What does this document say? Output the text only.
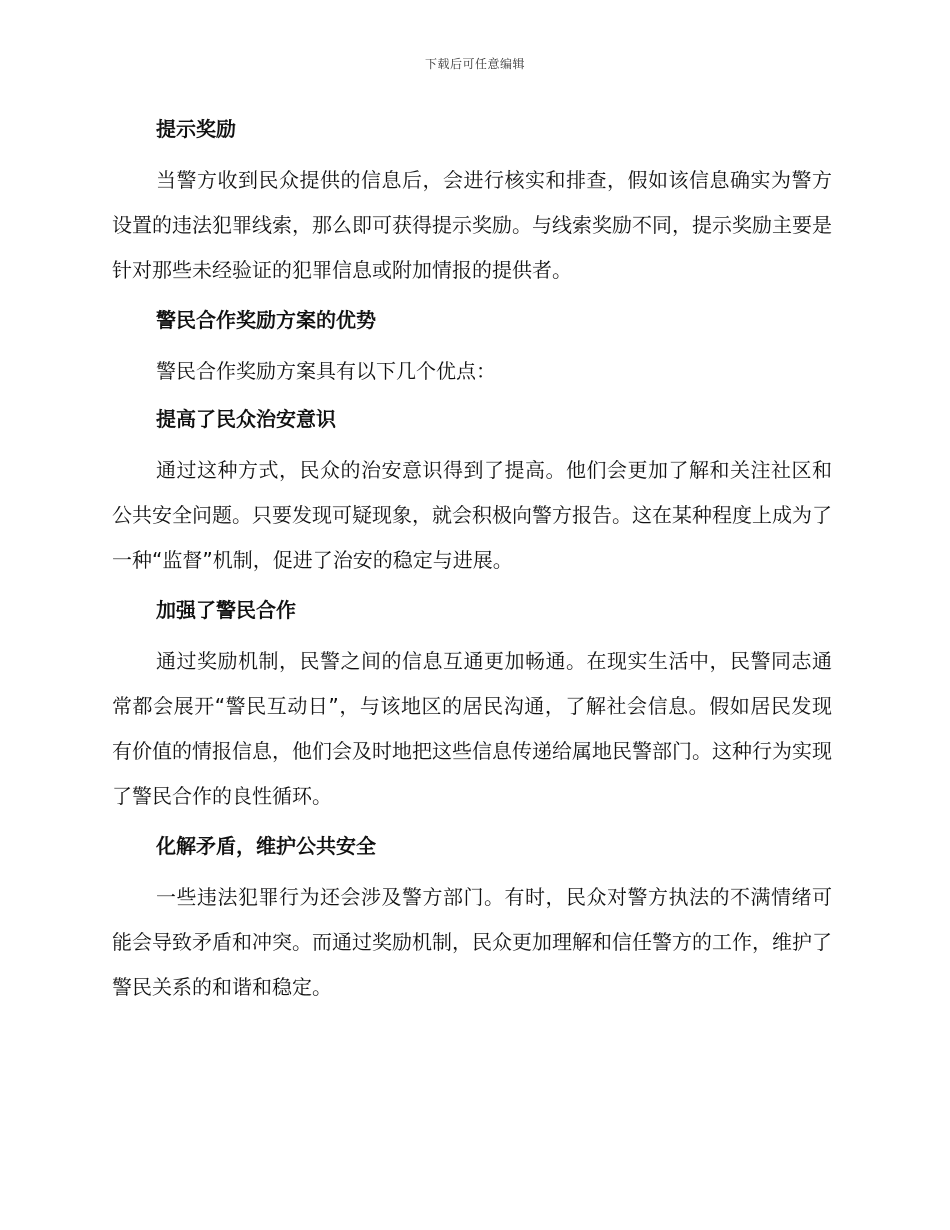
下载后可任意编辑
提示奖励

当警方收到民众提供的信息后，会进行核实和排查，假如该信息确实为警方设置的违法犯罪线索，那么即可获得提示奖励。与线索奖励不同，提示奖励主要是针对那些未经验证的犯罪信息或附加情报的提供者。

警民合作奖励方案的优势

警民合作奖励方案具有以下几个优点：

提高了民众治安意识

通过这种方式，民众的治安意识得到了提高。他们会更加了解和关注社区和公共安全问题。只要发现可疑现象，就会积极向警方报告。这在某种程度上成为了一种“监督”机制，促进了治安的稳定与进展。

加强了警民合作

通过奖励机制，民警之间的信息互通更加畅通。在现实生活中，民警同志通常都会展开“警民互动日”，与该地区的居民沟通，了解社会信息。假如居民发现有价值的情报信息，他们会及时地把这些信息传递给属地民警部门。这种行为实现了警民合作的良性循环。

化解矛盾，维护公共安全

一些违法犯罪行为还会涉及警方部门。有时，民众对警方执法的不满情绪可能会导致矛盾和冲突。而通过奖励机制，民众更加理解和信任警方的工作，维护了警民关系的和谐和稳定。
